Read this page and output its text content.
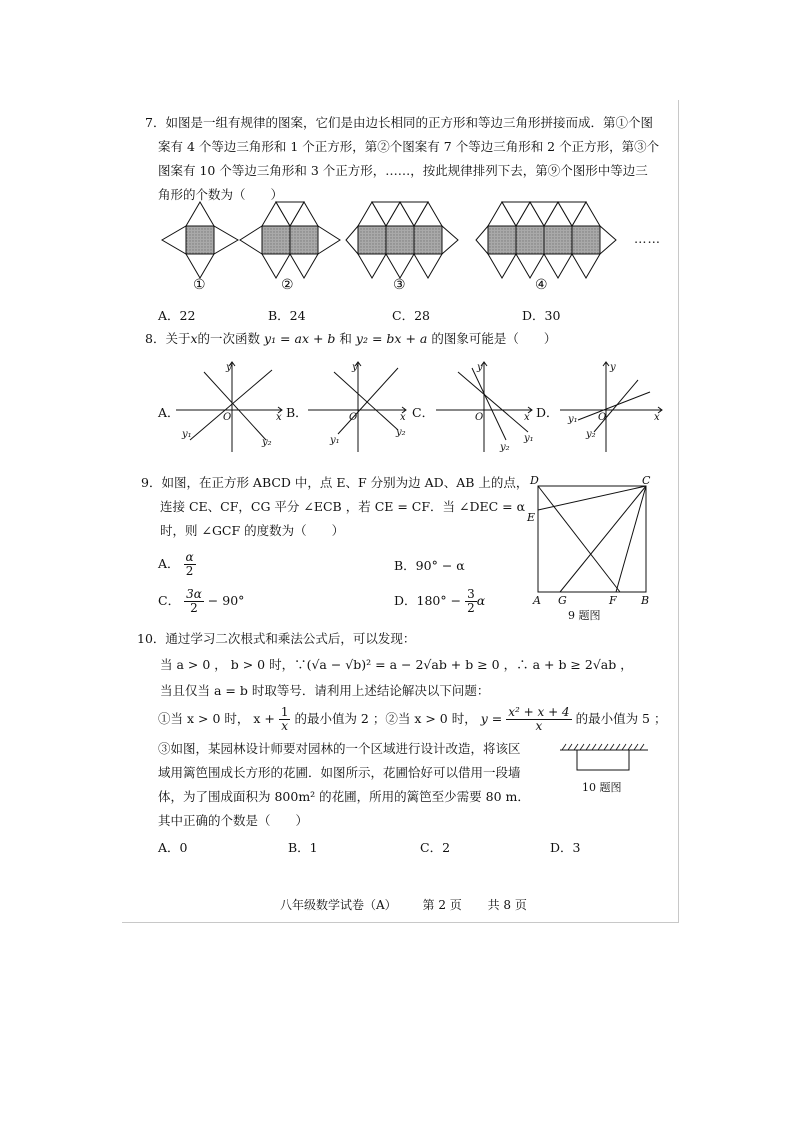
7．如图是一组有规律的图案，它们是由边长相同的正方形和等边三角形拼接而成．第①个图
案有 4 个等边三角形和 1 个正方形，第②个图案有 7 个等边三角形和 2 个正方形，第③个
图案有 10 个等边三角形和 3 个正方形，……，按此规律排列下去，第⑨个图形中等边三
角形的个数为（　　）
……
①	②	③	④
A．22	B．24	C．28	D．30
8．关于x的一次函数 y₁ = ax + b 和 y₂ = bx + a 的图象可能是（　　）
A．	B．	C．	D．
y
x
O
y₁
y₂
y
x
O
y₁
y₂
y
x
O
y₁
y₂
y
x
O
y₁
y₂
9．如图，在正方形 ABCD 中，点 E、F 分别为边 AD、AB 上的点，
连接 CE、CF，CG 平分 ∠ECB ，若 CE = CF．当 ∠DEC = α
时，则 ∠GCF 的度数为（　　）
A． $\frac{\alpha}{2}$	B．90° − α
C． $\frac{3\alpha}{2} - 90^\circ$	D．$180^\circ - \frac{3}{2}$ α
D	C
E
A G	F B
9 题图
10．通过学习二次根式和乘法公式后，可以发现：
当 a > 0 ， b > 0 时，∵(√a − √b)² = a − 2√ab + b ≥ 0 ，∴ a + b ≥ 2√ab ，
当且仅当 a = b 时取等号．请利用上述结论解决以下问题：
①当 x > 0 时， $x + \frac{1}{x}$ 的最小值为 2 ；②当 x > 0 时， $y = \frac{\text{x² + x + 4}}{x}$ 的最小值为 5 ；
③如图，某园林设计师要对园林的一个区域进行设计改造，将该区
域用篱笆围成长方形的花圃．如图所示，花圃恰好可以借用一段墙
体，为了围成面积为 800m² 的花圃，所用的篱笆至少需要 80 m．
其中正确的个数是（　　）
10 题图
A．0	B．1	C．2	D．3
八年级数学试卷（A） 第 2 页 共 8 页
